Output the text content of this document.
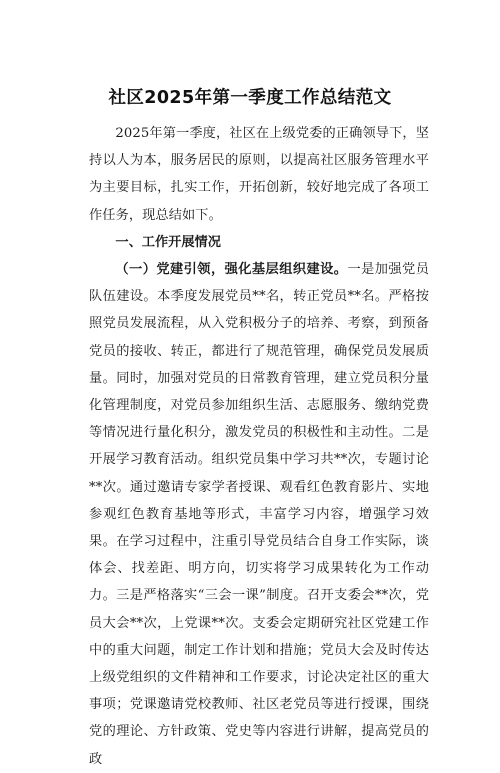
社区2025年第一季度工作总结范文

2025年第一季度，社区在上级党委的正确领导下，坚持以人为本，服务居民的原则，以提高社区服务管理水平为主要目标，扎实工作，开拓创新，较好地完成了各项工作任务，现总结如下。

一、工作开展情况

（一）党建引领，强化基层组织建设。一是加强党员队伍建设。本季度发展党员**名，转正党员**名。严格按照党员发展流程，从入党积极分子的培养、考察，到预备党员的接收、转正，都进行了规范管理，确保党员发展质量。同时，加强对党员的日常教育管理，建立党员积分量化管理制度，对党员参加组织生活、志愿服务、缴纳党费等情况进行量化积分，激发党员的积极性和主动性。二是开展学习教育活动。组织党员集中学习共**次，专题讨论**次。通过邀请专家学者授课、观看红色教育影片、实地参观红色教育基地等形式，丰富学习内容，增强学习效果。在学习过程中，注重引导党员结合自身工作实际，谈体会、找差距、明方向，切实将学习成果转化为工作动力。三是严格落实“三会一课”制度。召开支委会**次，党员大会**次，上党课**次。支委会定期研究社区党建工作中的重大问题，制定工作计划和措施；党员大会及时传达上级党组织的文件精神和工作要求，讨论决定社区的重大事项；党课邀请党校教师、社区老党员等进行授课，围绕党的理论、方针政策、党史等内容进行讲解，提高党员的政
